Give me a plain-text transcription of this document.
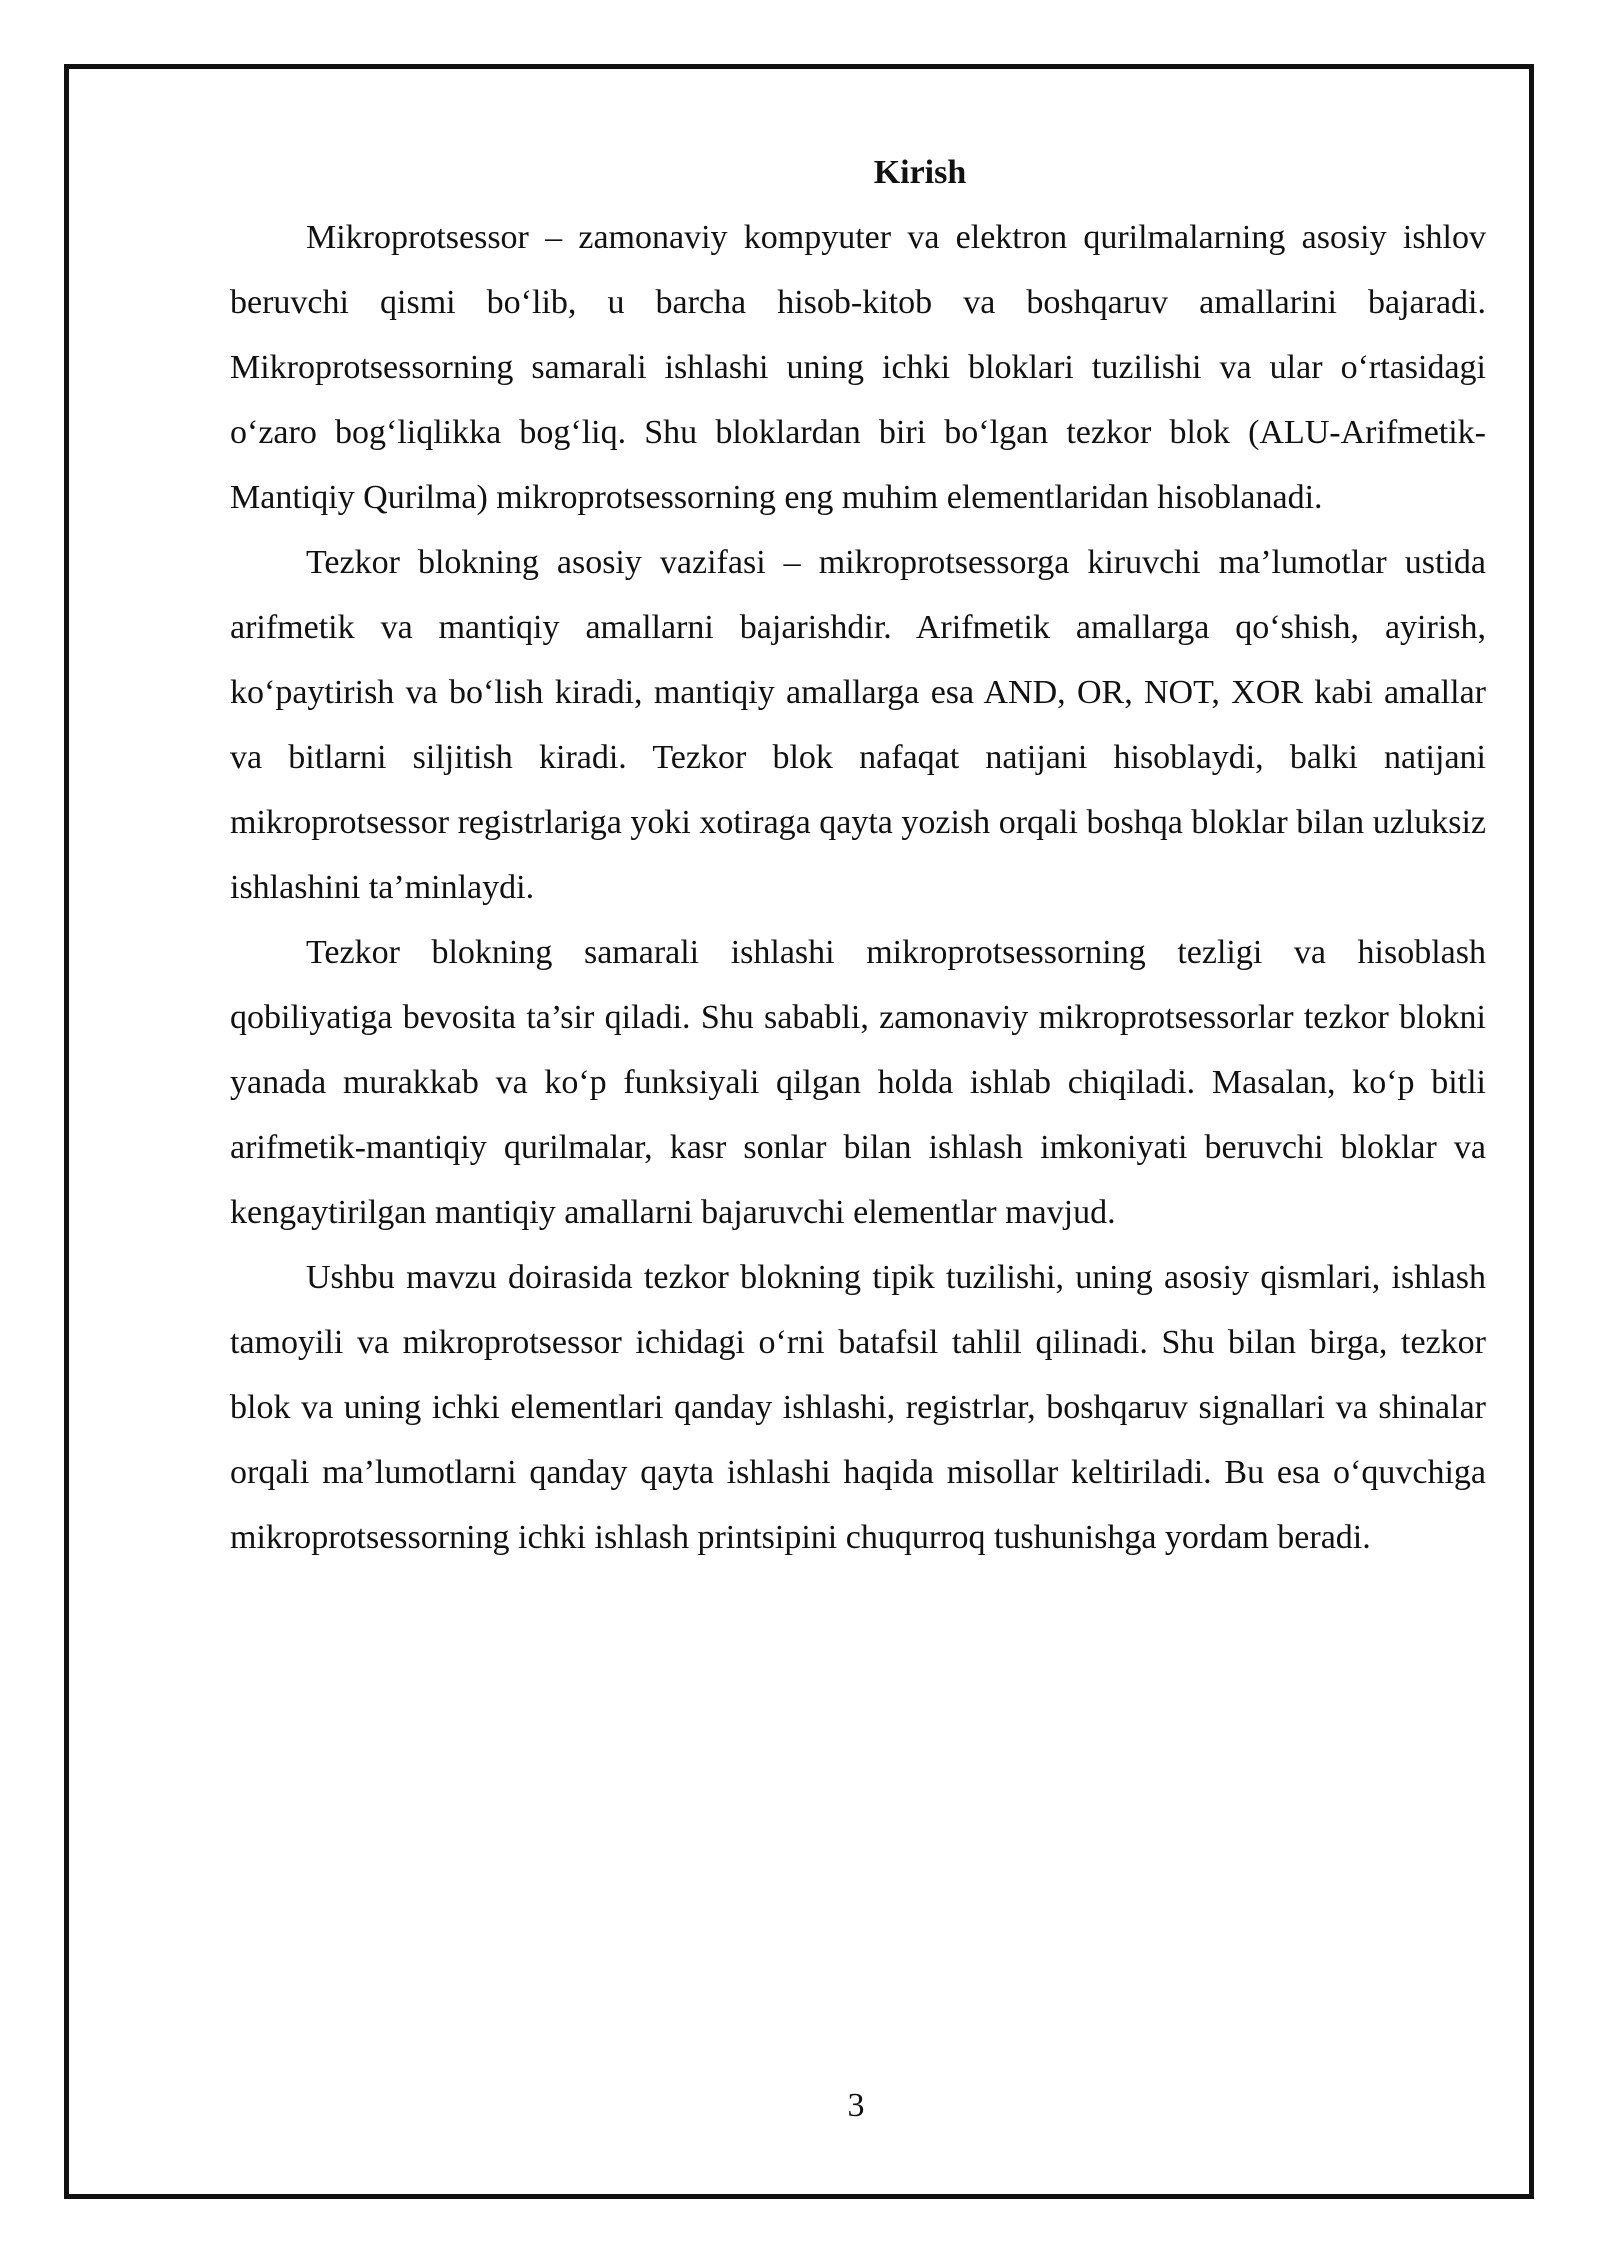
Kirish

Mikroprotsessor – zamonaviy kompyuter va elektron qurilmalarning asosiy ishlov beruvchi qismi bo‘lib, u barcha hisob-kitob va boshqaruv amallarini bajaradi. Mikroprotsessorning samarali ishlashi uning ichki bloklari tuzilishi va ular o‘rtasidagi o‘zaro bog‘liqlikka bog‘liq. Shu bloklardan biri bo‘lgan tezkor blok (ALU-Arifmetik-Mantiqiy Qurilma) mikroprotsessorning eng muhim elementlaridan hisoblanadi.

Tezkor blokning asosiy vazifasi – mikroprotsessorga kiruvchi ma’lumotlar ustida arifmetik va mantiqiy amallarni bajarishdir. Arifmetik amallarga qo‘shish, ayirish, ko‘paytirish va bo‘lish kiradi, mantiqiy amallarga esa AND, OR, NOT, XOR kabi amallar va bitlarni siljitish kiradi. Tezkor blok nafaqat natijani hisoblaydi, balki natijani mikroprotsessor registrlariga yoki xotiraga qayta yozish orqali boshqa bloklar bilan uzluksiz ishlashini ta’minlaydi.

Tezkor blokning samarali ishlashi mikroprotsessorning tezligi va hisoblash qobiliyatiga bevosita ta’sir qiladi. Shu sababli, zamonaviy mikroprotsessorlar tezkor blokni yanada murakkab va ko‘p funksiyali qilgan holda ishlab chiqiladi. Masalan, ko‘p bitli arifmetik-mantiqiy qurilmalar, kasr sonlar bilan ishlash imkoniyati beruvchi bloklar va kengaytirilgan mantiqiy amallarni bajaruvchi elementlar mavjud.

Ushbu mavzu doirasida tezkor blokning tipik tuzilishi, uning asosiy qismlari, ishlash tamoyili va mikroprotsessor ichidagi o‘rni batafsil tahlil qilinadi. Shu bilan birga, tezkor blok va uning ichki elementlari qanday ishlashi, registrlar, boshqaruv signallari va shinalar orqali ma’lumotlarni qanday qayta ishlashi haqida misollar keltiriladi. Bu esa o‘quvchiga mikroprotsessorning ichki ishlash printsipini chuqurroq tushunishga yordam beradi.

3
